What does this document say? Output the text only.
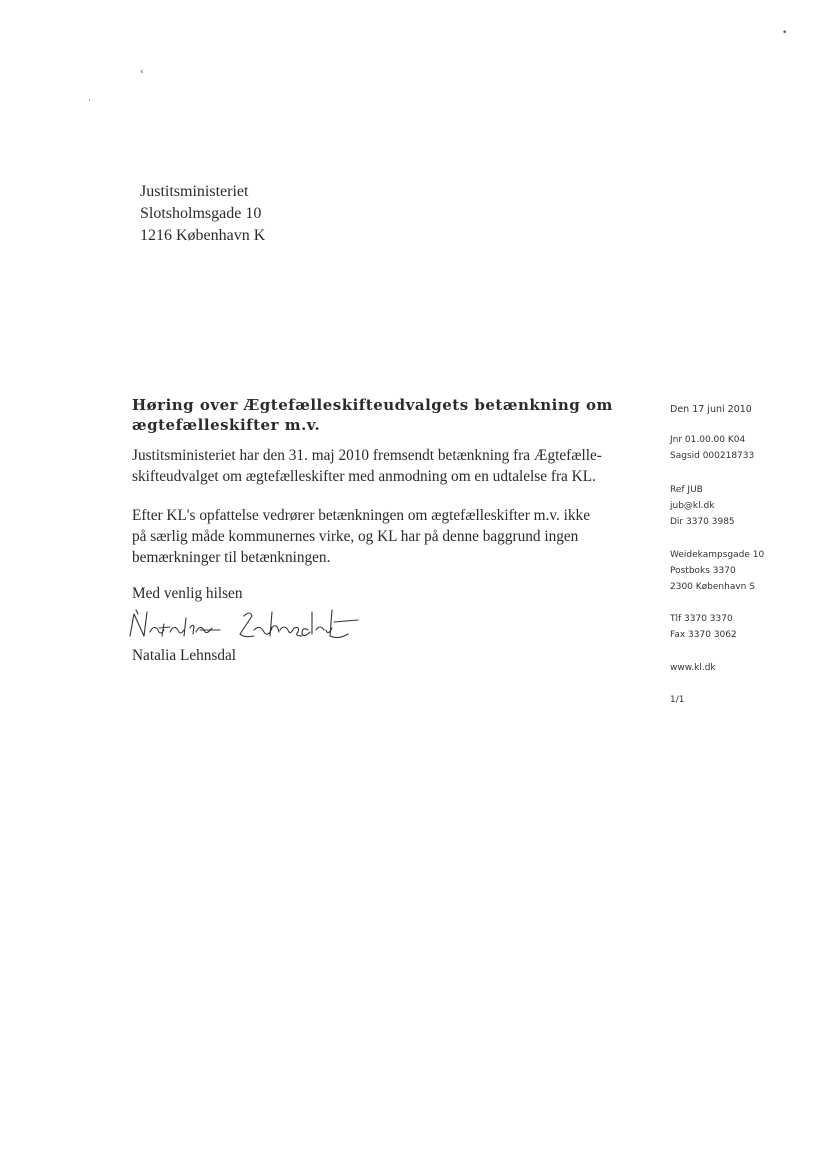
‹
·
•
Justitsministeriet
Slotsholmsgade 10
1216 København K
Høring over Ægtefælleskifteudvalgets betænkning om
ægtefælleskifter m.v.
Justitsministeriet har den 31. maj 2010 fremsendt betænkning fra Ægtefælle-
skifteudvalget om ægtefælleskifter med anmodning om en udtalelse fra KL.
Efter KL's opfattelse vedrører betænkningen om ægtefælleskifter m.v. ikke
på særlig måde kommunernes virke, og KL har på denne baggrund ingen
bemærkninger til betænkningen.
Med venlig hilsen
Natalia Lehnsdal
Den 17 juni 2010
Jnr 01.00.00 K04
Sagsid 000218733
Ref JUB
jub@kl.dk
Dir 3370 3985
Weidekampsgade 10
Postboks 3370
2300 København S
Tlf 3370 3370
Fax 3370 3062
www.kl.dk
1/1
